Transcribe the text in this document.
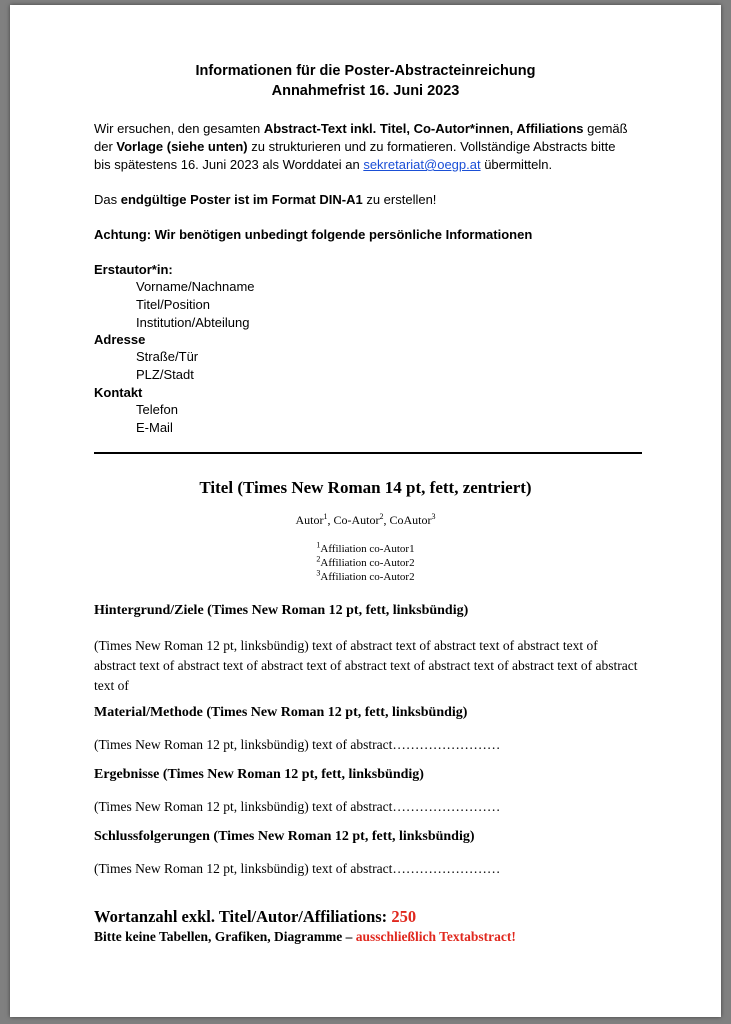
Informationen für die Poster-Abstracteinreichung
Annahmefrist 16. Juni 2023
Wir ersuchen, den gesamten Abstract-Text inkl. Titel, Co-Autor*innen, Affiliations gemäß
der Vorlage (siehe unten) zu strukturieren und zu formatieren. Vollständige Abstracts bitte
bis spätestens 16. Juni 2023 als Worddatei an sekretariat@oegp.at übermitteln.
Das endgültige Poster ist im Format DIN-A1 zu erstellen!
Achtung: Wir benötigen unbedingt folgende persönliche Informationen
Erstautor*in:
Vorname/Nachname
Titel/Position
Institution/Abteilung
Adresse
Straße/Tür
PLZ/Stadt
Kontakt
Telefon
E-Mail
Titel (Times New Roman 14 pt, fett, zentriert)
Autor$^1$, Co-Autor$^2$, CoAutor$^3$
$^1$Affiliation co-Autor1
$^2$Affiliation co-Autor2
$^3$Affiliation co-Autor2
Hintergrund/Ziele (Times New Roman 12 pt, fett, linksbündig)
(Times New Roman 12 pt, linksbündig) text of abstract text of abstract text of abstract text of abstract text of abstract text of abstract text of abstract text of abstract text of abstract text of abstract text of
Material/Methode (Times New Roman 12 pt, fett, linksbündig)
(Times New Roman 12 pt, linksbündig) text of abstract……………………
Ergebnisse (Times New Roman 12 pt, fett, linksbündig)
(Times New Roman 12 pt, linksbündig) text of abstract……………………
Schlussfolgerungen (Times New Roman 12 pt, fett, linksbündig)
(Times New Roman 12 pt, linksbündig) text of abstract……………………
Wortanzahl exkl. Titel/Autor/Affiliations: 250
Bitte keine Tabellen, Grafiken, Diagramme – ausschließlich Textabstract!
